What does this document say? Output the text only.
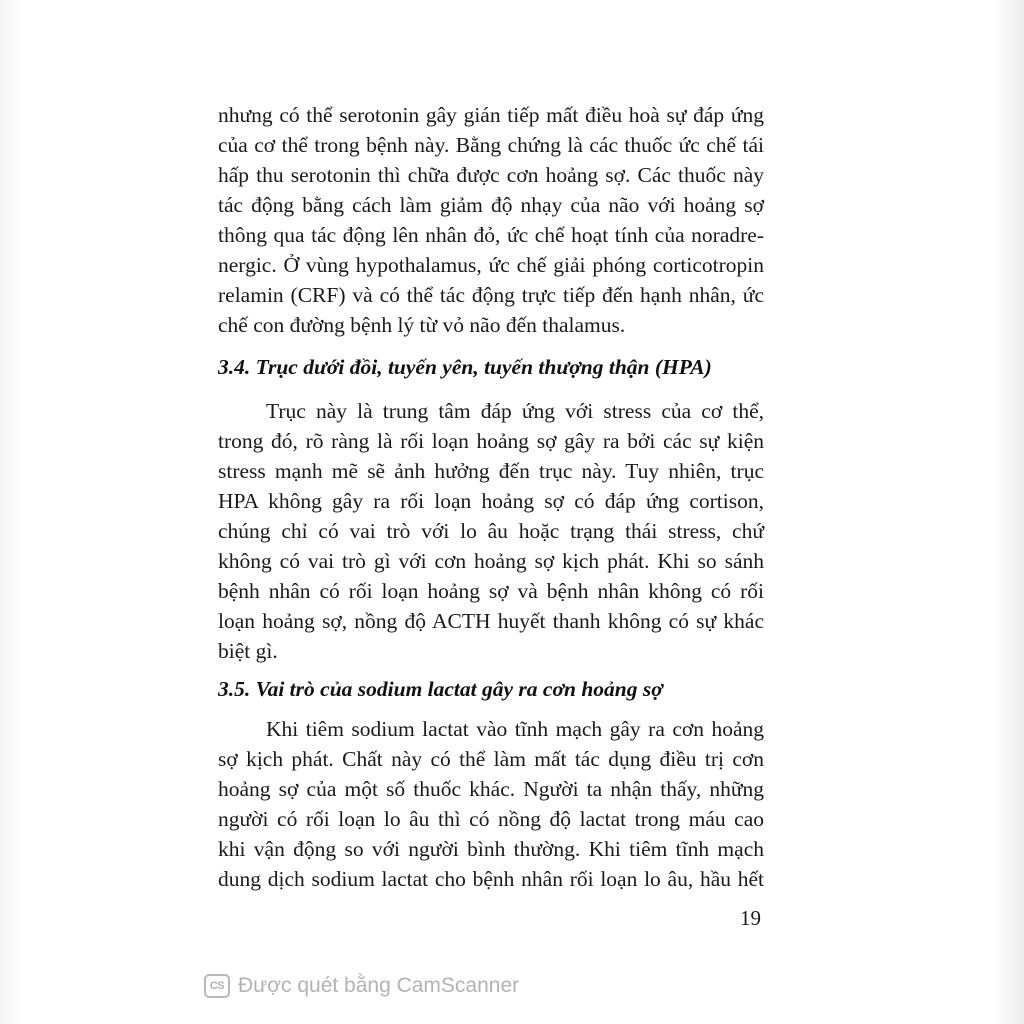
nhưng có thể serotonin gây gián tiếp mất điều hoà sự đáp ứng
của cơ thể trong bệnh này. Bằng chứng là các thuốc ức chế tái
hấp thu serotonin thì chữa được cơn hoảng sợ. Các thuốc này
tác động bằng cách làm giảm độ nhạy của não với hoảng sợ
thông qua tác động lên nhân đỏ, ức chế hoạt tính của noradre-
nergic. Ở vùng hypothalamus, ức chế giải phóng corticotropin
relamin (CRF) và có thể tác động trực tiếp đến hạnh nhân, ức
chế con đường bệnh lý từ vỏ não đến thalamus.
3.4. Trục dưới đồi, tuyến yên, tuyến thượng thận (HPA)
Trục này là trung tâm đáp ứng với stress của cơ thể,
trong đó, rõ ràng là rối loạn hoảng sợ gây ra bởi các sự kiện
stress mạnh mẽ sẽ ảnh hưởng đến trục này. Tuy nhiên, trục
HPA không gây ra rối loạn hoảng sợ có đáp ứng cortison,
chúng chỉ có vai trò với lo âu hoặc trạng thái stress, chứ
không có vai trò gì với cơn hoảng sợ kịch phát. Khi so sánh
bệnh nhân có rối loạn hoảng sợ và bệnh nhân không có rối
loạn hoảng sợ, nồng độ ACTH huyết thanh không có sự khác
biệt gì.
3.5. Vai trò của sodium lactat gây ra cơn hoảng sợ
Khi tiêm sodium lactat vào tĩnh mạch gây ra cơn hoảng
sợ kịch phát. Chất này có thể làm mất tác dụng điều trị cơn
hoảng sợ của một số thuốc khác. Người ta nhận thấy, những
người có rối loạn lo âu thì có nồng độ lactat trong máu cao
khi vận động so với người bình thường. Khi tiêm tĩnh mạch
dung dịch sodium lactat cho bệnh nhân rối loạn lo âu, hầu hết
19
CS Được quét bằng CamScanner
